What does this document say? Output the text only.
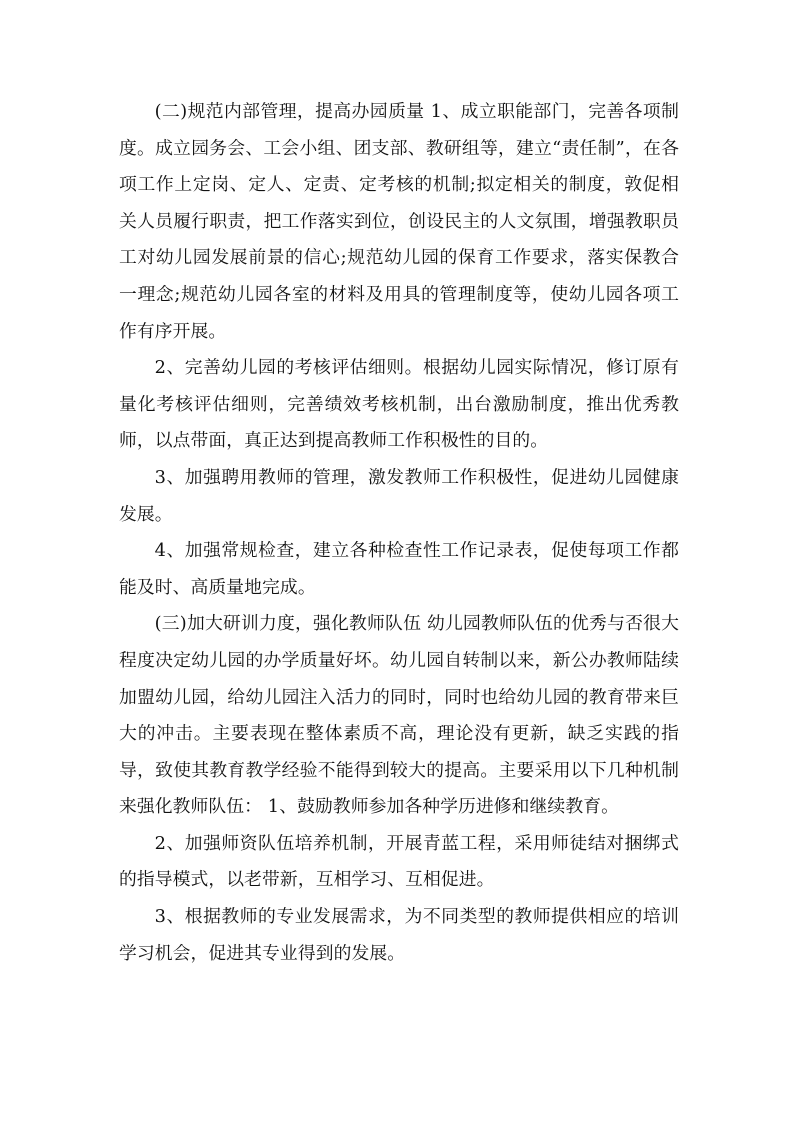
(二)规范内部管理，提高办园质量 1、成立职能部门，完善各项制度。成立园务会、工会小组、团支部、教研组等，建立“责任制”，在各项工作上定岗、定人、定责、定考核的机制;拟定相关的制度，敦促相关人员履行职责，把工作落实到位，创设民主的人文氛围，增强教职员工对幼儿园发展前景的信心;规范幼儿园的保育工作要求，落实保教合一理念;规范幼儿园各室的材料及用具的管理制度等，使幼儿园各项工作有序开展。

2、完善幼儿园的考核评估细则。根据幼儿园实际情况，修订原有量化考核评估细则，完善绩效考核机制，出台激励制度，推出优秀教师，以点带面，真正达到提高教师工作积极性的目的。

3、加强聘用教师的管理，激发教师工作积极性，促进幼儿园健康发展。

4、加强常规检查，建立各种检查性工作记录表，促使每项工作都能及时、高质量地完成。

(三)加大研训力度，强化教师队伍 幼儿园教师队伍的优秀与否很大程度决定幼儿园的办学质量好坏。幼儿园自转制以来，新公办教师陆续加盟幼儿园，给幼儿园注入活力的同时，同时也给幼儿园的教育带来巨大的冲击。主要表现在整体素质不高，理论没有更新，缺乏实践的指导，致使其教育教学经验不能得到较大的提高。主要采用以下几种机制来强化教师队伍： 1、鼓励教师参加各种学历进修和继续教育。

2、加强师资队伍培养机制，开展青蓝工程，采用师徒结对捆绑式的指导模式，以老带新，互相学习、互相促进。

3、根据教师的专业发展需求，为不同类型的教师提供相应的培训学习机会，促进其专业得到的发展。
